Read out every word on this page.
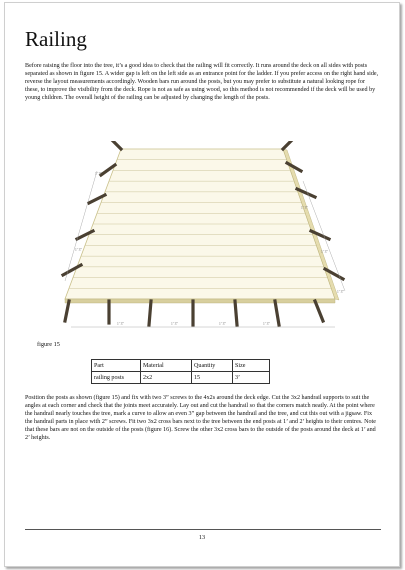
Railing
Before raising the floor into the tree, it’s a good idea to check that the railing will fit correctly. It runs around the deck on all sides with posts separated as shown in figure 15. A wider gap is left on the left side as an entrance point for the ladder. If you prefer access on the right hand side, reverse the layout measurements accordingly. Wooden bars run around the posts, but you may prefer to substitute a natural looking rope for these, to improve the visibility from the deck. Rope is not as safe as using wood, so this method is not recommended if the deck will be used by young children. The overall height of the railing can be adjusted by changing the length of the posts.
1’ 3”	1’ 3”	1’ 3”	1’ 3”
1’ 3”
1’ 3”
1’ 3”
1’ 3”
1’ 3”
figure 15
Part	Material	Quantity	Size
railing posts	2x2	15	3’
Position the posts as shown (figure 15) and fix with two 3” screws to the 4x2s around the deck edge. Cut the 3x2 handrail supports to suit the angles at each corner and check that the joints meet accurately. Lay out and cut the handrail so that the corners match neatly. At the point where the handrail nearly touches the tree, mark a curve to allow an even 3” gap between the handrail and the tree, and cut this out with a jigsaw. Fix the handrail parts in place with 2” screws. Fit two 3x2 cross bars next to the tree between the end posts at 1’ and 2’ heights to their centres. Note that these bars are not on the outside of the posts (figure 16). Screw the other 3x2 cross bars to the outside of the posts around the deck at 1’ and 2’ heights.
13
